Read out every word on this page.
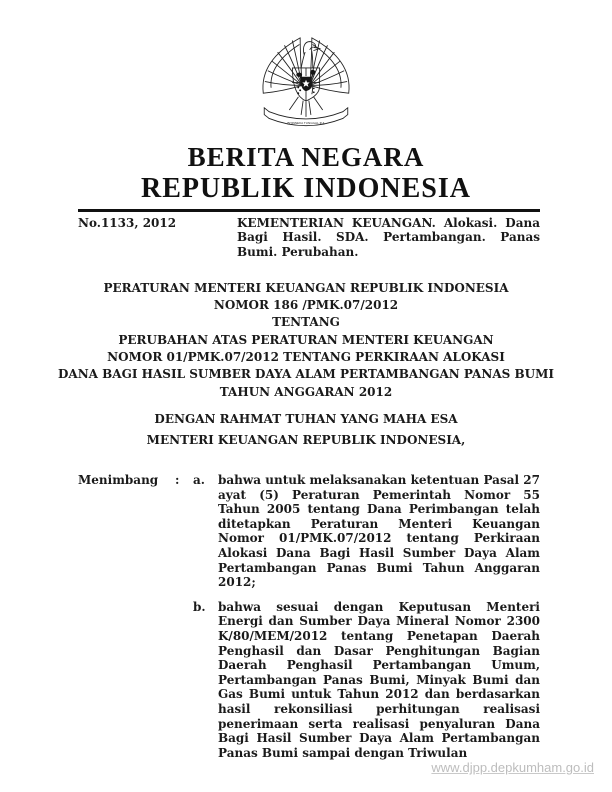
BHINNEKA TUNGGAL IKA
BERITA NEGARA
REPUBLIK INDONESIA
No.1133, 2012	KEMENTERIAN KEUANGAN. Alokasi. Dana Bagi Hasil. SDA. Pertambangan. Panas Bumi. Perubahan.
PERATURAN MENTERI KEUANGAN REPUBLIK INDONESIA
NOMOR 186 /PMK.07/2012
TENTANG
PERUBAHAN ATAS PERATURAN MENTERI KEUANGAN
NOMOR 01/PMK.07/2012 TENTANG PERKIRAAN ALOKASI
DANA BAGI HASIL SUMBER DAYA ALAM PERTAMBANGAN PANAS BUMI
TAHUN ANGGARAN 2012
DENGAN RAHMAT TUHAN YANG MAHA ESA
MENTERI KEUANGAN REPUBLIK INDONESIA,
Menimbang	:	a.	bahwa untuk melaksanakan ketentuan Pasal 27 ayat (5) Peraturan Pemerintah Nomor 55 Tahun 2005 tentang Dana Perimbangan telah ditetapkan Peraturan Menteri Keuangan Nomor 01/PMK.07/2012 tentang Perkiraan Alokasi Dana Bagi Hasil Sumber Daya Alam Pertambangan Panas Bumi Tahun Anggaran 2012;
b.	bahwa sesuai dengan Keputusan Menteri Energi dan Sumber Daya Mineral Nomor 2300 K/80/MEM/2012 tentang Penetapan Daerah Penghasil dan Dasar Penghitungan Bagian Daerah Penghasil Pertambangan Umum, Pertambangan Panas Bumi, Minyak Bumi dan Gas Bumi untuk Tahun 2012 dan berdasarkan hasil rekonsiliasi perhitungan realisasi penerimaan serta realisasi penyaluran Dana Bagi Hasil Sumber Daya Alam Pertambangan Panas Bumi sampai dengan Triwulan
www.djpp.depkumham.go.id
